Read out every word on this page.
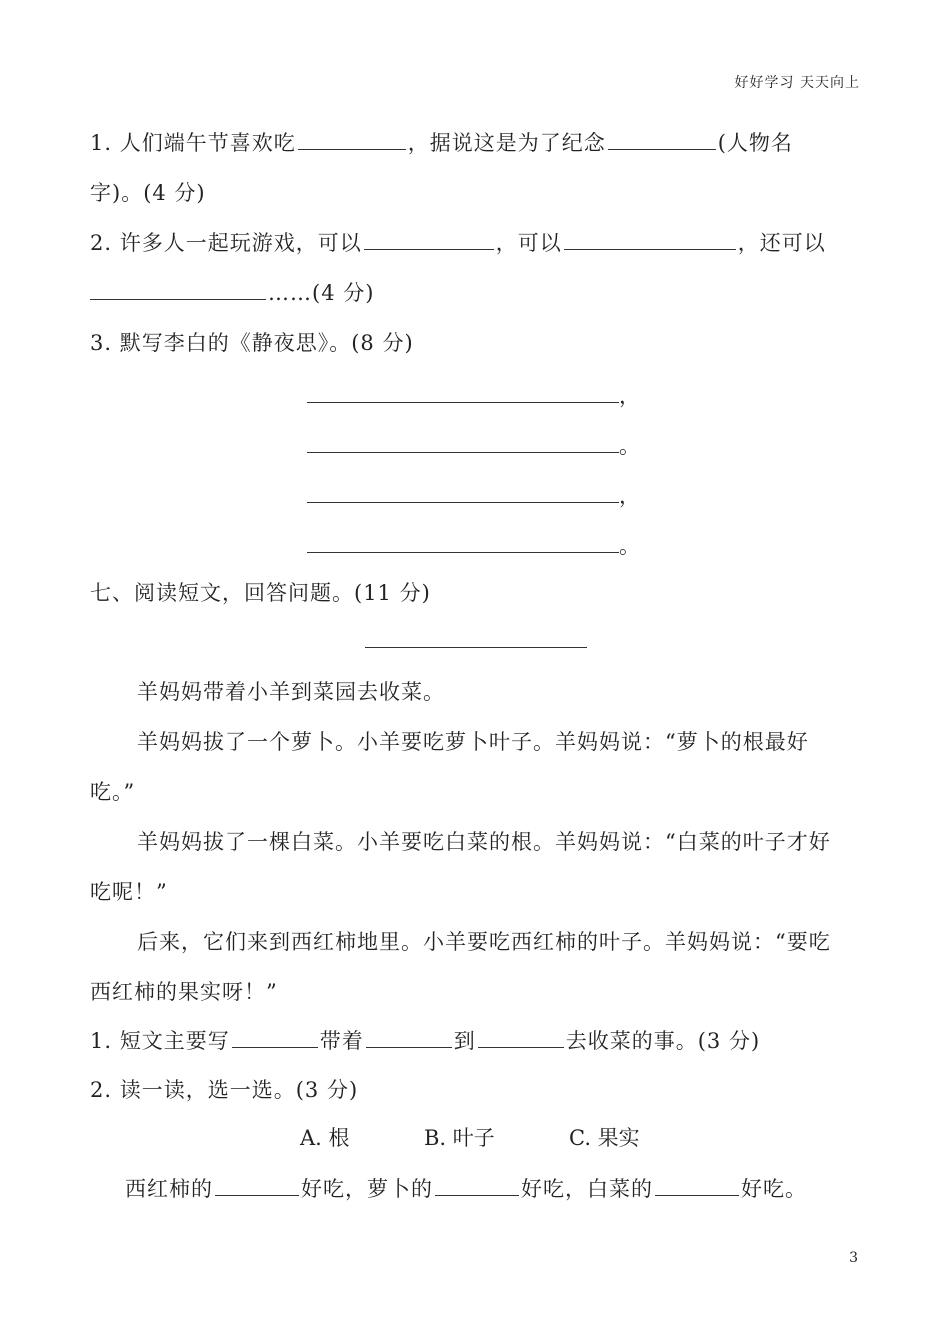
好好学习 天天向上
1. 人们端午节喜欢吃	，据说这是为了纪念	(人物名
字)。(4 分)
2. 许多人一起玩游戏，可以	，可以	，还可以
……(4 分)
3. 默写李白的《静夜思》。(8 分)
，
。
，
。
七、阅读短文，回答问题。(11 分)
羊妈妈带着小羊到菜园去收菜。
羊妈妈拔了一个萝卜。小羊要吃萝卜叶子。羊妈妈说：“萝卜的根最好
吃。”
羊妈妈拔了一棵白菜。小羊要吃白菜的根。羊妈妈说：“白菜的叶子才好
吃呢！”
后来，它们来到西红柿地里。小羊要吃西红柿的叶子。羊妈妈说：“要吃
西红柿的果实呀！”
1. 短文主要写	带着	到	去收菜的事。(3 分)
2. 读一读，选一选。(3 分)
A. 根	B. 叶子	C. 果实
西红柿的	好吃，萝卜的	好吃，白菜的	好吃。
3
